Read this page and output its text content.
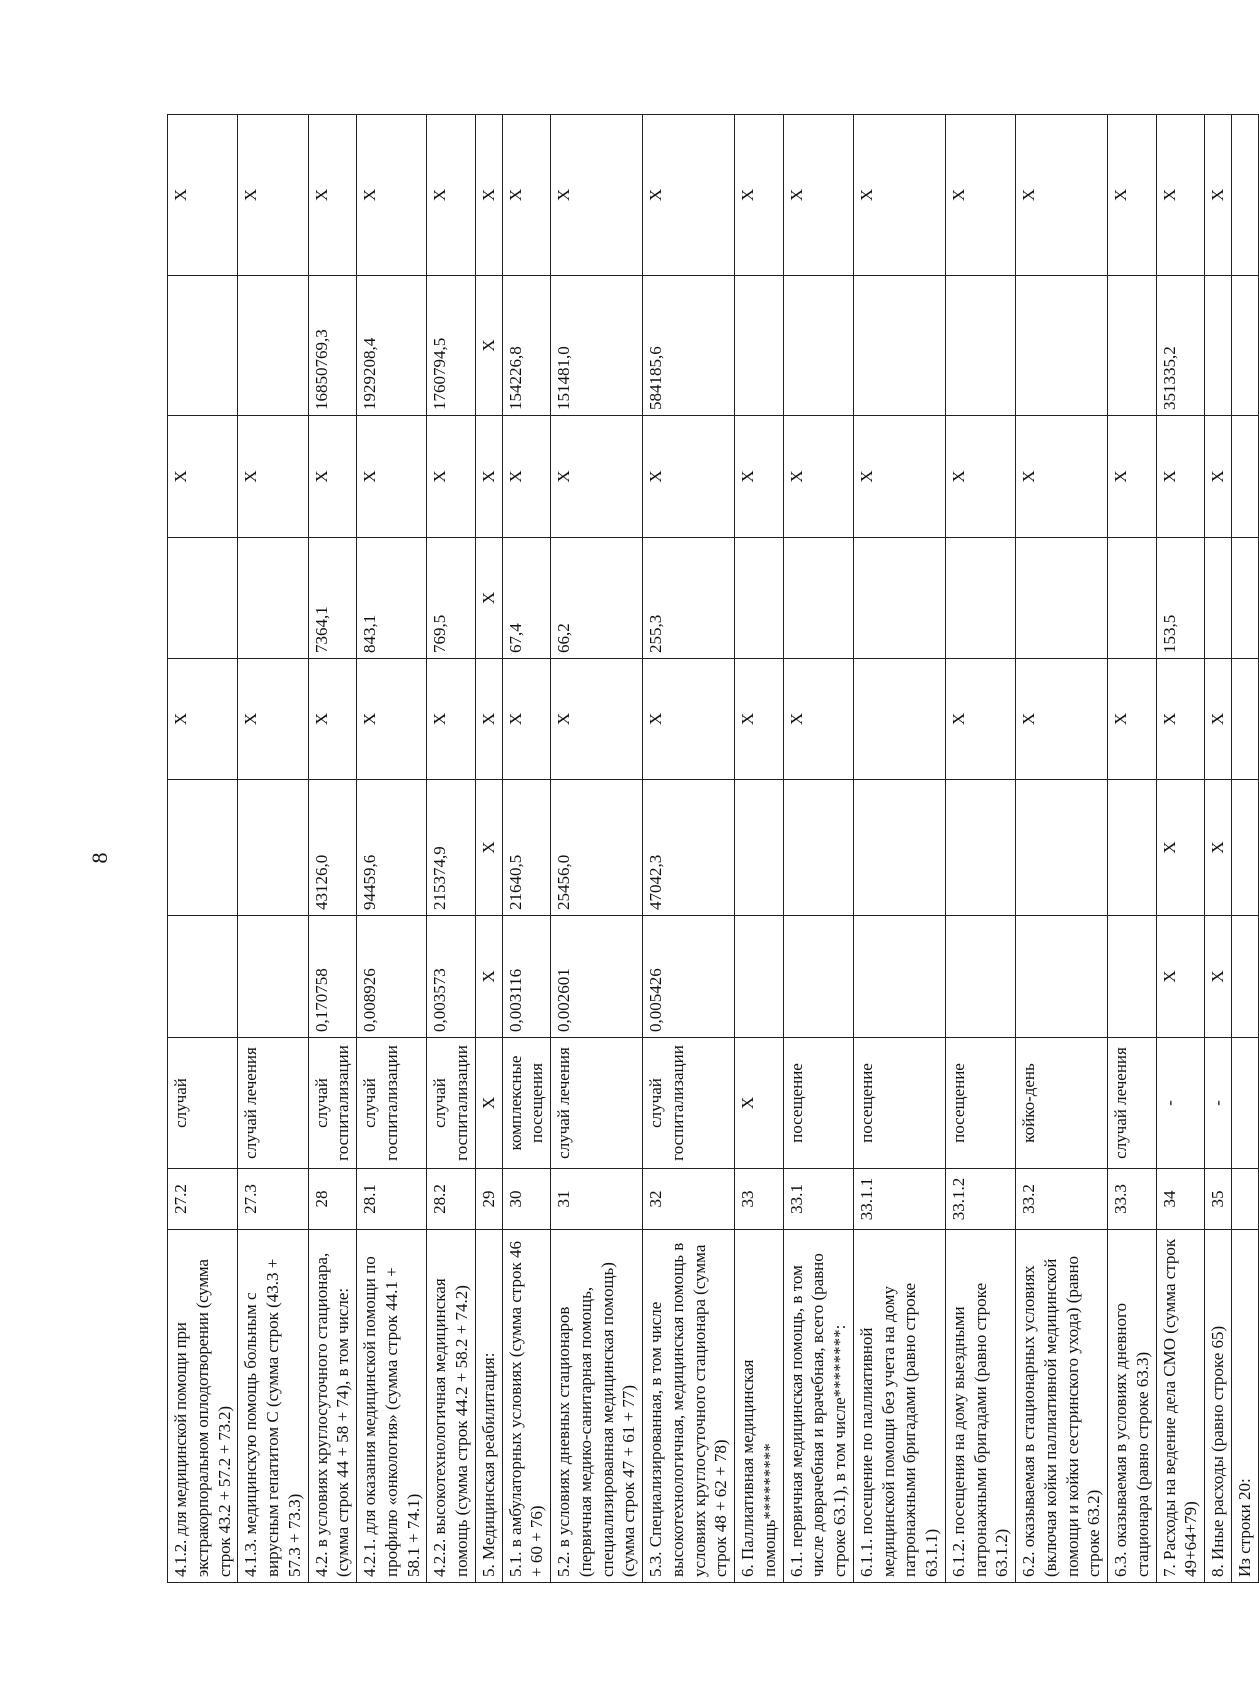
8
4.1.2. для медицинской помощи при экстракорпоральном оплодотворении (сумма строк 43.2 + 57.2 + 73.2)	27.2	случай			X		X		X
4.1.3. медицинскую помощь больным с вирусным гепатитом С (сумма строк (43.3 + 57.3 + 73.3)	27.3	случай лечения			X		X		X
4.2. в условиях круглосуточного стационара, (сумма строк 44 + 58 + 74), в том числе:	28	случай госпитализации	0,170758	43126,0	X	7364,1	X	16850769,3	X
4.2.1. для оказания медицинской помощи по профилю «онкология» (сумма строк 44.1 + 58.1 + 74.1)	28.1	случай госпитализации	0,008926	94459,6	X	843,1	X	1929208,4	X
4.2.2. высокотехнологичная медицинская помощь (сумма строк 44.2 + 58.2 + 74.2)	28.2	случай госпитализации	0,003573	215374,9	X	769,5	X	1760794,5	X
5. Медицинская реабилитация:	29	X	X	X	X	X	X	X	X
5.1. в амбулаторных условиях (сумма строк 46 + 60 + 76)	30	комплексные посещения	0,003116	21640,5	X	67,4	X	154226,8	X
5.2. в условиях дневных стационаров (первичная медико-санитарная помощь, специализированная медицинская помощь) (сумма строк 47 + 61 + 77)	31	случай лечения	0,002601	25456,0	X	66,2	X	151481,0	X
5.3. Специализированная, в том числе высокотехнологичная, медицинская помощь в условиях круглосуточного стационара (сумма строк 48 + 62 + 78)	32	случай госпитализации	0,005426	47042,3	X	255,3	X	584185,6	X
6. Паллиативная медицинская помощь*********	33	X			X		X		X
6.1. первичная медицинская помощь, в том числе доврачебная и врачебная, всего (равно строке 63.1), в том числе********:	33.1	посещение			X		X		X
6.1.1. посещение по паллиативной медицинской помощи без учета на дому патронажными бригадами (равно строке 63.1.1)	33.1.1	посещение					X		X
6.1.2. посещения на дому выездными патронажными бригадами (равно строке 63.1.2)	33.1.2	посещение			X		X		X
6.2. оказываемая в стационарных условиях (включая койки паллиативной медицинской помощи и койки сестринского ухода) (равно строке 63.2)	33.2	койко-день			X		X		X
6.3. оказываемая в условиях дневного стационара (равно строке 63.3)	33.3	случай лечения			X		X		X
7. Расходы на ведение дела СМО (сумма строк 49+64+79)	34	-	X	X	X	153,5	X	351335,2	X
8. Иные расходы (равно строке 65)	35	-	X	X	X		X		X
Из строки 20:									
